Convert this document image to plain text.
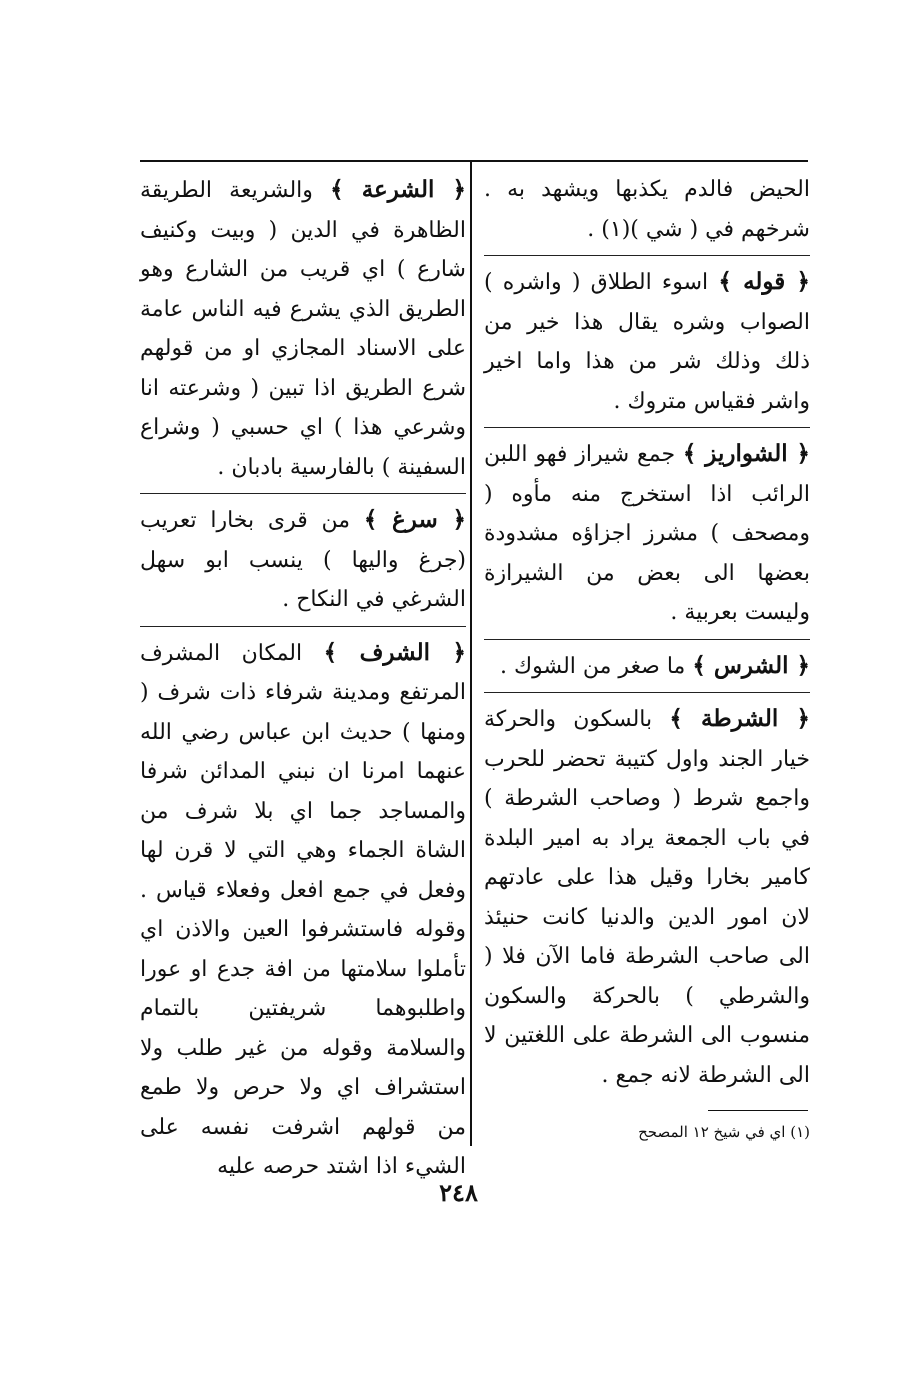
الحيض فالدم يكذبها ويشهد به . شرخهم في ( شي )(١) .

﴿ قوله ﴾ اسوء الطلاق ( واشره ) الصواب وشره يقال هذا خير من ذلك وذلك شر من هذا واما اخير واشر فقياس متروك .

﴿ الشواريز ﴾ جمع شيراز فهو اللبن الرائب اذا استخرج منه مأوه ( ومصحف ) مشرز اجزاؤه مشدودة بعضها الى بعض من الشيرازة وليست بعربية .

﴿ الشرس ﴾ ما صغر من الشوك .

﴿ الشرطة ﴾ بالسكون والحركة خيار الجند واول كتيبة تحضر للحرب واجمع شرط ( وصاحب الشرطة ) في باب الجمعة يراد به امير البلدة كامير بخارا وقيل هذا على عادتهم لان امور الدين والدنيا كانت حنيئذ الى صاحب الشرطة فاما الآن فلا ( والشرطي ) بالحركة والسكون منسوب الى الشرطة على اللغتين لا الى الشرطة لانه جمع .

﴿ الشرعة ﴾ والشريعة الطريقة الظاهرة في الدين ( وبيت وكنيف شارع ) اي قريب من الشارع وهو الطريق الذي يشرع فيه الناس عامة على الاسناد المجازي او من قولهم شرع الطريق اذا تبين ( وشرعته انا وشرعي هذا ) اي حسبي ( وشراع السفينة ) بالفارسية بادبان .

﴿ سرغ ﴾ من قرى بخارا تعريب (جرغ واليها ) ينسب ابو سهل الشرغي في النكاح .

﴿ الشرف ﴾ المكان المشرف المرتفع ومدينة شرفاء ذات شرف ( ومنها ) حديث ابن عباس رضي الله عنهما امرنا ان نبني المدائن شرفا والمساجد جما اي بلا شرف من الشاة الجماء وهي التي لا قرن لها وفعل في جمع افعل وفعلاء قياس . وقوله فاستشرفوا العين والاذن اي تأملوا سلامتها من افة جدع او عورا واطلبوهما شريفتين بالتمام والسلامة وقوله من غير طلب ولا استشراف اي ولا حرص ولا طمع من قولهم اشرفت نفسه على الشيء اذا اشتد حرصه عليه

(١) اي في شيخ ١٢ المصحح
٢٤٨
